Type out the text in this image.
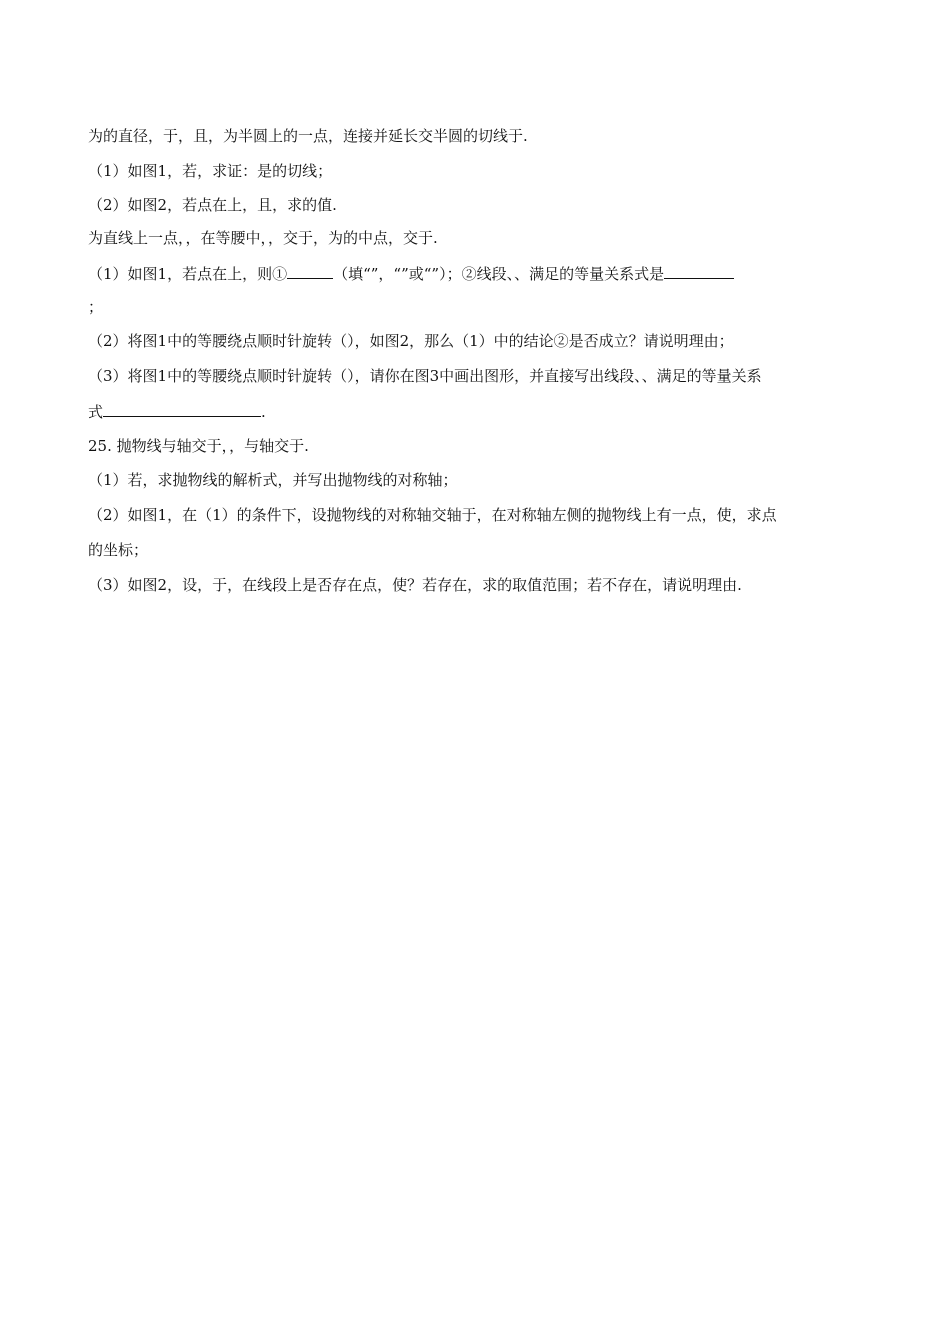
为的直径，于，且，为半圆上的一点，连接并延长交半圆的切线于.
（1）如图1，若，求证：是的切线；
（2）如图2，若点在上，且，求的值.
为直线上一点，，在等腰中，，交于，为的中点，交于.
（1）如图1，若点在上，则①	（填“”，“”或“”）；②线段、、满足的等量关系式是
；
（2）将图1中的等腰绕点顺时针旋转（），如图2，那么（1）中的结论②是否成立？请说明理由；
（3）将图1中的等腰绕点顺时针旋转（），请你在图3中画出图形，并直接写出线段、、满足的等量关系
式	.
25. 抛物线与轴交于，，与轴交于.
（1）若，求抛物线的解析式，并写出抛物线的对称轴；
（2）如图1，在（1）的条件下，设抛物线的对称轴交轴于，在对称轴左侧的抛物线上有一点，使，求点
的坐标；
（3）如图2，设，于，在线段上是否存在点，使？若存在，求的取值范围；若不存在，请说明理由.
